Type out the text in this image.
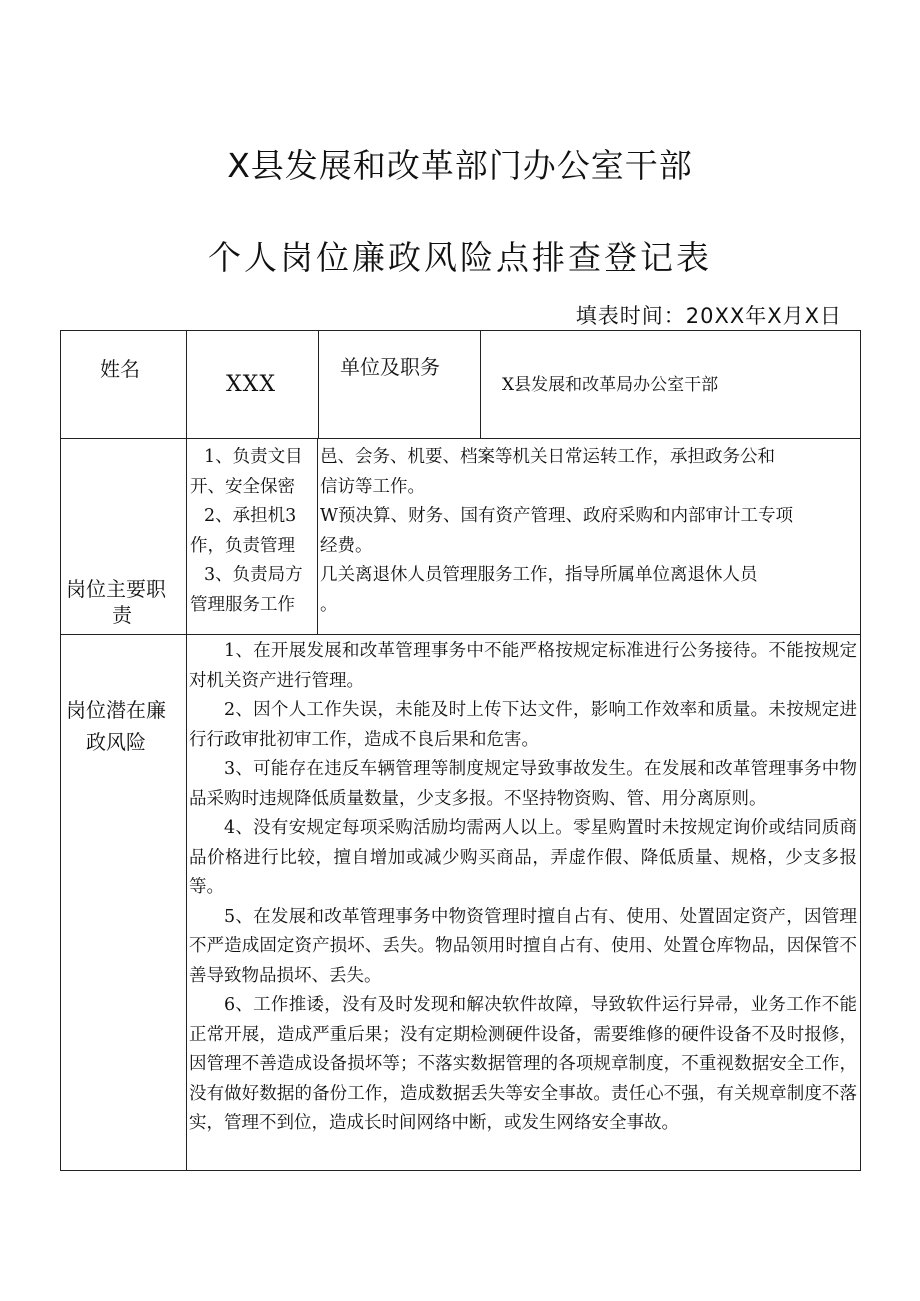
X县发展和改革部门办公室干部
个人岗位廉政风险点排查登记表
填表时间：20XX年X月X日
姓名
XXX
单位及职务
X县发展和改革局办公室干部
岗位主要职
责
1、负责文目
开、安全保密
2、承担机3
作，负责管理
3、负责局方
管理服务工作
邑、会务、机要、档案等机关日常运转工作，承担政务公和
信访等工作。
W预决算、财务、国有资产管理、政府采购和内部审计工专项
经费。
几关离退休人员管理服务工作，指导所属单位离退休人员
。
岗位潜在廉
政风险

1、在开展发展和改革管理事务中不能严格按规定标准进行公务接待。不能按规定对机关资产进行管理。

2、因个人工作失误，未能及时上传下达文件，影响工作效率和质量。未按规定进行行政审批初审工作，造成不良后果和危害。

3、可能存在违反车辆管理等制度规定导致事故发生。在发展和改革管理事务中物品采购时违规降低质量数量，少支多报。不坚持物资购、管、用分离原则。

4、没有安规定每项采购活励均需两人以上。零星购置时未按规定询价或结同质商品价格进行比较，擅自增加或减少购买商品，弄虚作假、降低质量、规格，少支多报等。

5、在发展和改革管理事务中物资管理时擅自占有、使用、处置固定资产，因管理不严造成固定资产损坏、丢失。物品领用时擅自占有、使用、处置仓库物品，因保管不善导致物品损坏、丢失。

6、工作推诿，没有及时发现和解决软件故障，导致软件运行异帚，业务工作不能正常开展，造成严重后果；没有定期检测硬件设备，需要维修的硬件设备不及时报修，因管理不善造成设备损坏等；不落实数据管理的各项规章制度，不重视数据安全工作，没有做好数据的备份工作，造成数据丢失等安全事故。责任心不强，有关规章制度不落实，管理不到位，造成长时间网络中断，或发生网络安全事故。
